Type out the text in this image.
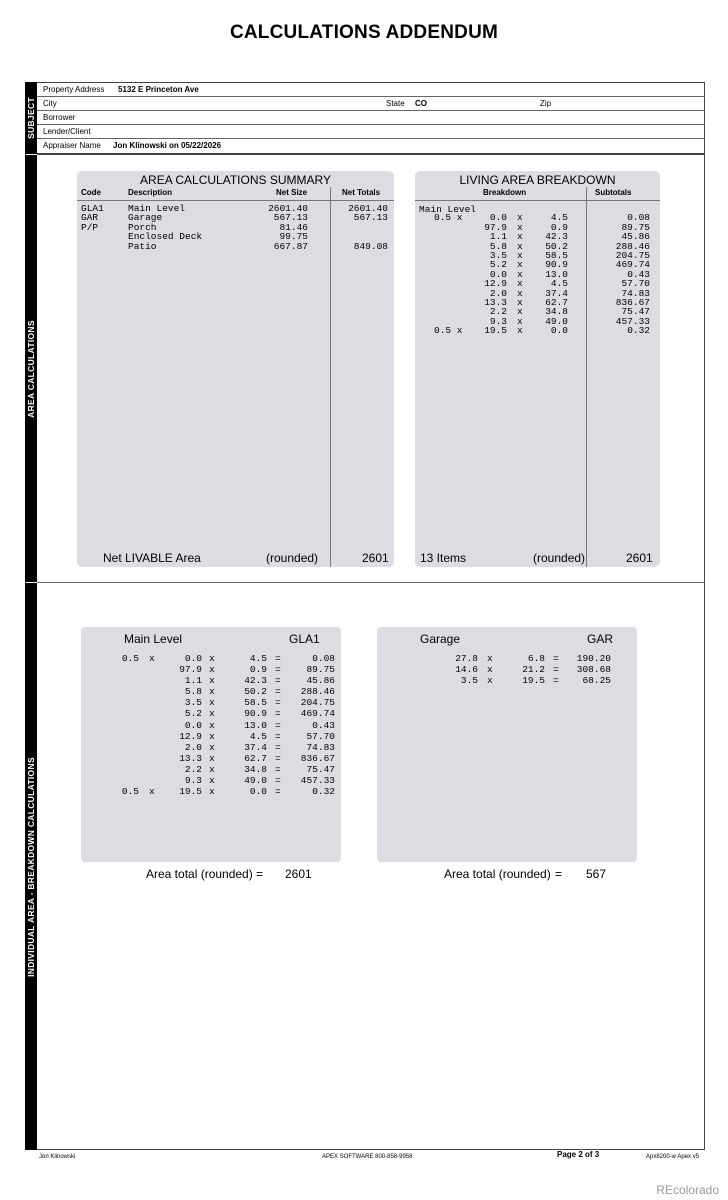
CALCULATIONS ADDENDUM
SUBJECT
AREA CALCULATIONS
INDIVIDUAL AREA - BREAKDOWN CALCULATIONS
Property Address 5132 E Princeton Ave
City	State CO	Zip
Borrower
Lender/Client
Appraiser Name Jon Klinowski on 05/22/2026
AREA CALCULATIONS SUMMARY
Code	Description	Net Size	Net Totals
GLA1	Main Level	2601.40	2601.40
GAR	Garage	567.13	567.13
P/P	Porch	81.46
Enclosed Deck	99.75
Patio	667.87	849.08
Net LIVABLE Area	(rounded)	2601
LIVING AREA BREAKDOWN
Breakdown	Subtotals
Main Level
0.5 x	0.0 x	4.5	0.08
97.9 x	0.9	89.75
1.1 x	42.3	45.86
5.8 x	50.2	288.46
3.5 x	58.5	204.75
5.2 x	90.9	469.74
0.0 x	13.0	0.43
12.9 x	4.5	57.70
2.0 x	37.4	74.83
13.3 x	62.7	836.67
2.2 x	34.8	75.47
9.3 x	49.0	457.33
0.5 x	19.5 x	0.0	0.32
13 Items	(rounded)	2601
Main Level	GLA1
0.5 x	0.0 x	4.5 =	0.08
97.9 x	0.9 =	89.75
1.1 x	42.3 =	45.86
5.8 x	50.2 =	288.46
3.5 x	58.5 =	204.75
5.2 x	90.9 =	469.74
0.0 x	13.0 =	0.43
12.9 x	4.5 =	57.70
2.0 x	37.4 =	74.83
13.3 x	62.7 =	836.67
2.2 x	34.8 =	75.47
9.3 x	49.0 =	457.33
0.5 x	19.5 x	0.0 =	0.32
Area total (rounded) = 2601
Garage	GAR
27.8 x	6.8 =	190.20
14.6 x	21.2 =	308.68
3.5 x	19.5 =	68.25
Area total (rounded) = 567
Jon Klinowski	APEX SOFTWARE 800-858-9958	Page 2 of 3	Apx8200-w Apex v5
REcolorado
